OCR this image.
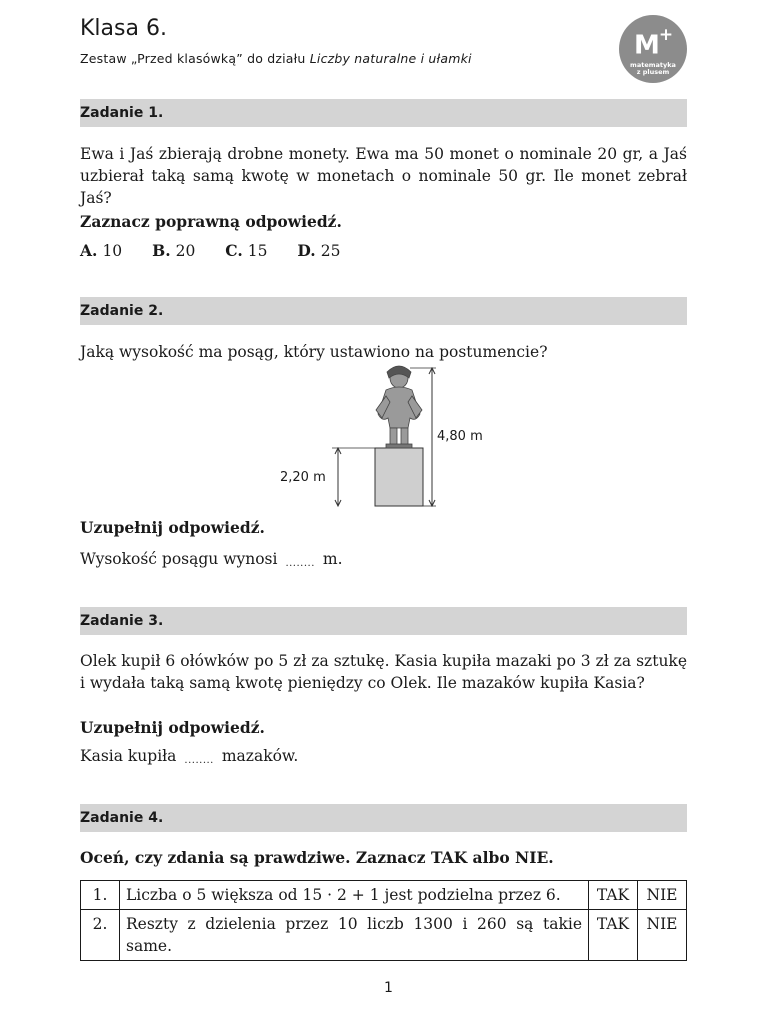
Klasa 6.
Zestaw „Przed klasówką” do działu Liczby naturalne i ułamki	M+
matematyka
z plusem
Zadanie 1.
Ewa i Jaś zbierają drobne monety. Ewa ma 50 monet o nominale 20 gr, a Jaś uzbierał taką samą kwotę w monetach o nominale 50 gr. Ile monet zebrał Jaś?
Zaznacz poprawną odpowiedź.
A. 10 B. 20 C. 15 D. 25
Zadanie 2.
Jaką wysokość ma posąg, który ustawiono na postumencie?
4,80 m
2,20 m
Uzupełnij odpowiedź.
Wysokość posągu wynosi ........ m.
Zadanie 3.
Olek kupił 6 ołówków po 5 zł za sztukę. Kasia kupiła mazaki po 3 zł za sztukę i wydała taką samą kwotę pieniędzy co Olek. Ile mazaków kupiła Kasia?
Uzupełnij odpowiedź.
Kasia kupiła ........ mazaków.
Zadanie 4.
Oceń, czy zdania są prawdziwe. Zaznacz TAK albo NIE.
1.	Liczba o 5 większa od 15 · 2 + 1 jest podzielna przez 6.	TAK	NIE
2.	Reszty z dzielenia przez 10 liczb 1300 i 260 są takie same.	TAK	NIE
1
